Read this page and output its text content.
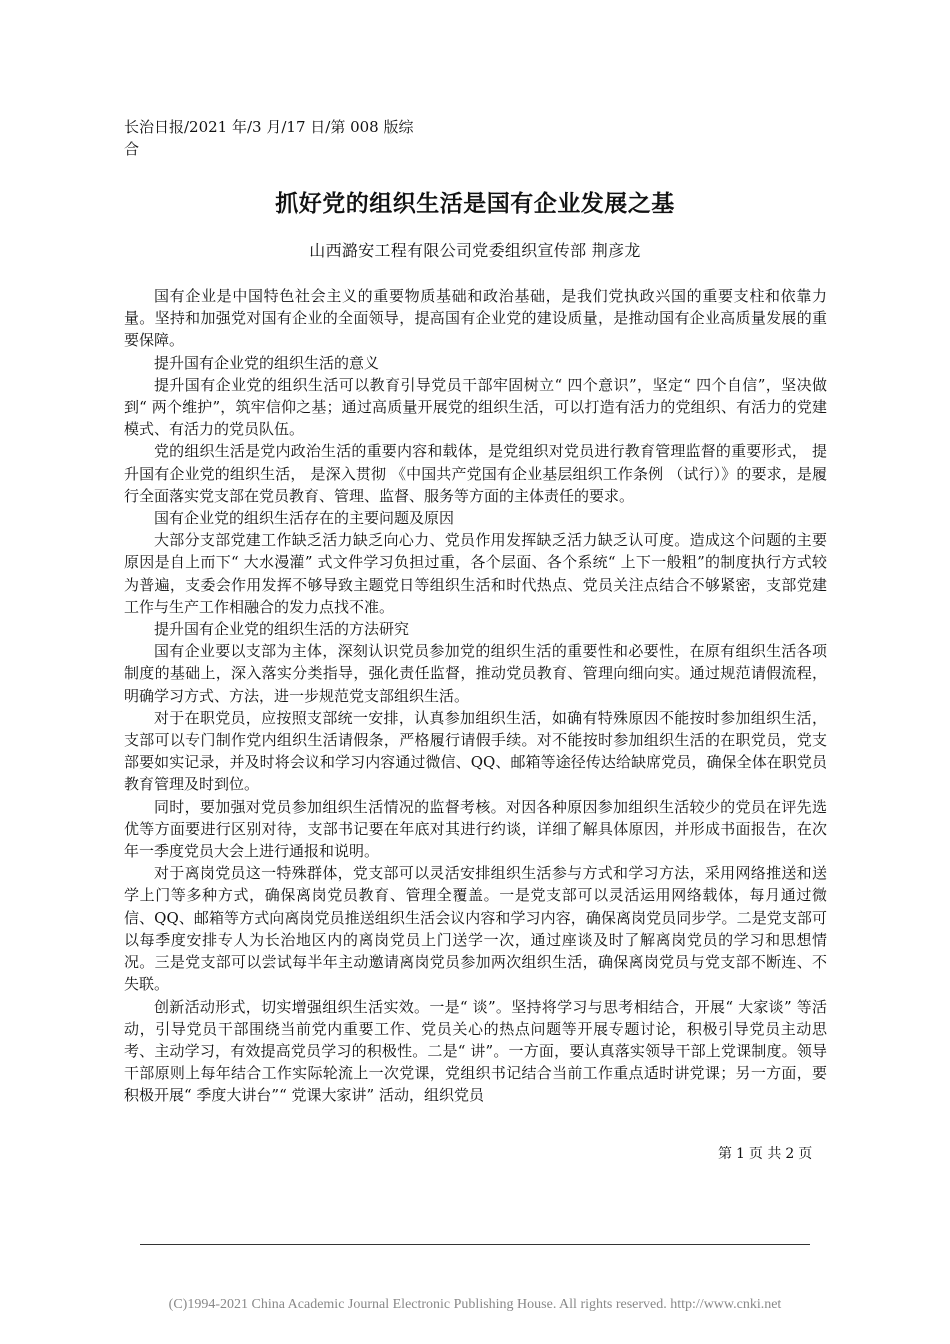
长治日报/2021 年/3 月/17 日/第 008 版综合
抓好党的组织生活是国有企业发展之基
山西潞安工程有限公司党委组织宣传部 荆彦龙

国有企业是中国特色社会主义的重要物质基础和政治基础，是我们党执政兴国的重要支柱和依靠力量。坚持和加强党对国有企业的全面领导，提高国有企业党的建设质量，是推动国有企业高质量发展的重要保障。

提升国有企业党的组织生活的意义

提升国有企业党的组织生活可以教育引导党员干部牢固树立“ 四个意识”，坚定“ 四个自信”，坚决做到“ 两个维护”，筑牢信仰之基；通过高质量开展党的组织生活，可以打造有活力的党组织、有活力的党建模式、有活力的党员队伍。

党的组织生活是党内政治生活的重要内容和载体，是党组织对党员进行教育管理监督的重要形式， 提升国有企业党的组织生活， 是深入贯彻 《中国共产党国有企业基层组织工作条例 （试行）》的要求，是履行全面落实党支部在党员教育、管理、监督、服务等方面的主体责任的要求。

国有企业党的组织生活存在的主要问题及原因

大部分支部党建工作缺乏活力缺乏向心力、党员作用发挥缺乏活力缺乏认可度。造成这个问题的主要原因是自上而下“ 大水漫灌” 式文件学习负担过重，各个层面、各个系统“ 上下一般粗”的制度执行方式较为普遍，支委会作用发挥不够导致主题党日等组织生活和时代热点、党员关注点结合不够紧密，支部党建工作与生产工作相融合的发力点找不准。

提升国有企业党的组织生活的方法研究

国有企业要以支部为主体，深刻认识党员参加党的组织生活的重要性和必要性，在原有组织生活各项制度的基础上，深入落实分类指导，强化责任监督，推动党员教育、管理向细向实。通过规范请假流程，明确学习方式、方法，进一步规范党支部组织生活。

对于在职党员，应按照支部统一安排，认真参加组织生活，如确有特殊原因不能按时参加组织生活，支部可以专门制作党内组织生活请假条，严格履行请假手续。对不能按时参加组织生活的在职党员，党支部要如实记录，并及时将会议和学习内容通过微信、QQ、邮箱等途径传达给缺席党员，确保全体在职党员教育管理及时到位。

同时，要加强对党员参加组织生活情况的监督考核。对因各种原因参加组织生活较少的党员在评先选优等方面要进行区别对待，支部书记要在年底对其进行约谈，详细了解具体原因，并形成书面报告，在次年一季度党员大会上进行通报和说明。

对于离岗党员这一特殊群体，党支部可以灵活安排组织生活参与方式和学习方法，采用网络推送和送学上门等多种方式，确保离岗党员教育、管理全覆盖。一是党支部可以灵活运用网络载体，每月通过微信、QQ、邮箱等方式向离岗党员推送组织生活会议内容和学习内容，确保离岗党员同步学。二是党支部可以每季度安排专人为长治地区内的离岗党员上门送学一次，通过座谈及时了解离岗党员的学习和思想情况。三是党支部可以尝试每半年主动邀请离岗党员参加两次组织生活，确保离岗党员与党支部不断连、不失联。

创新活动形式，切实增强组织生活实效。一是“ 谈”。坚持将学习与思考相结合，开展“ 大家谈” 等活动，引导党员干部围绕当前党内重要工作、党员关心的热点问题等开展专题讨论，积极引导党员主动思考、主动学习，有效提高党员学习的积极性。二是“ 讲”。一方面，要认真落实领导干部上党课制度。领导干部原则上每年结合工作实际轮流上一次党课，党组织书记结合当前工作重点适时讲党课；另一方面，要积极开展“ 季度大讲台”“ 党课大家讲” 活动，组织党员

第 1 页 共 2 页
(C)1994-2021 China Academic Journal Electronic Publishing House. All rights reserved. http://www.cnki.net
